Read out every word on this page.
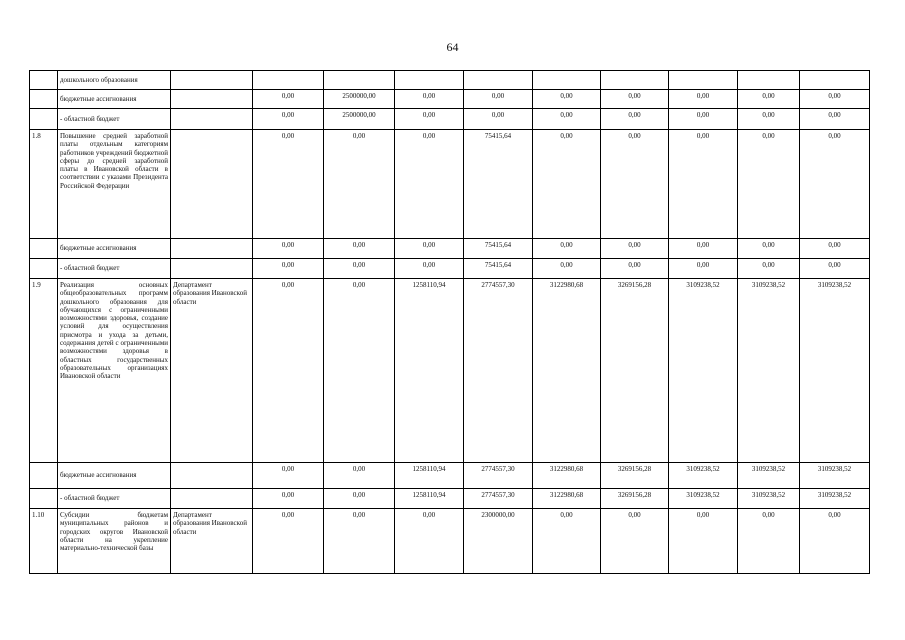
64
	дошкольного образования										
	бюджетные ассигнования		0,00	2500000,00	0,00	0,00	0,00	0,00	0,00	0,00	0,00
	- областной бюджет		0,00	2500000,00	0,00	0,00	0,00	0,00	0,00	0,00	0,00
1.8	Повышение средней заработной платы отдельным категориям работников учреждений бюджетной сферы до средней заработной платы в Ивановской области в соответствии с указами Президента Российской Федерации		0,00	0,00	0,00	75415,64	0,00	0,00	0,00	0,00	0,00
	бюджетные ассигнования		0,00	0,00	0,00	75415,64	0,00	0,00	0,00	0,00	0,00
	- областной бюджет		0,00	0,00	0,00	75415,64	0,00	0,00	0,00	0,00	0,00
1.9	Реализация основных общеобразовательных программ дошкольного образования для обучающихся с ограниченными возможностями здоровья, создание условий для осуществления присмотра и ухода за детьми, содержания детей с ограниченными возможностями здоровья в областных государственных образовательных организациях Ивановской области	Департамент образования Ивановской области	0,00	0,00	1258110,94	2774557,30	3122980,68	3269156,28	3109238,52	3109238,52	3109238,52
	бюджетные ассигнования		0,00	0,00	1258110,94	2774557,30	3122980,68	3269156,28	3109238,52	3109238,52	3109238,52
	- областной бюджет		0,00	0,00	1258110,94	2774557,30	3122980,68	3269156,28	3109238,52	3109238,52	3109238,52
1.10	Субсидии бюджетам муниципальных районов и городских округов Ивановской области на укрепление материально-технической базы	Департамент образования Ивановской области	0,00	0,00	0,00	2300000,00	0,00	0,00	0,00	0,00	0,00
